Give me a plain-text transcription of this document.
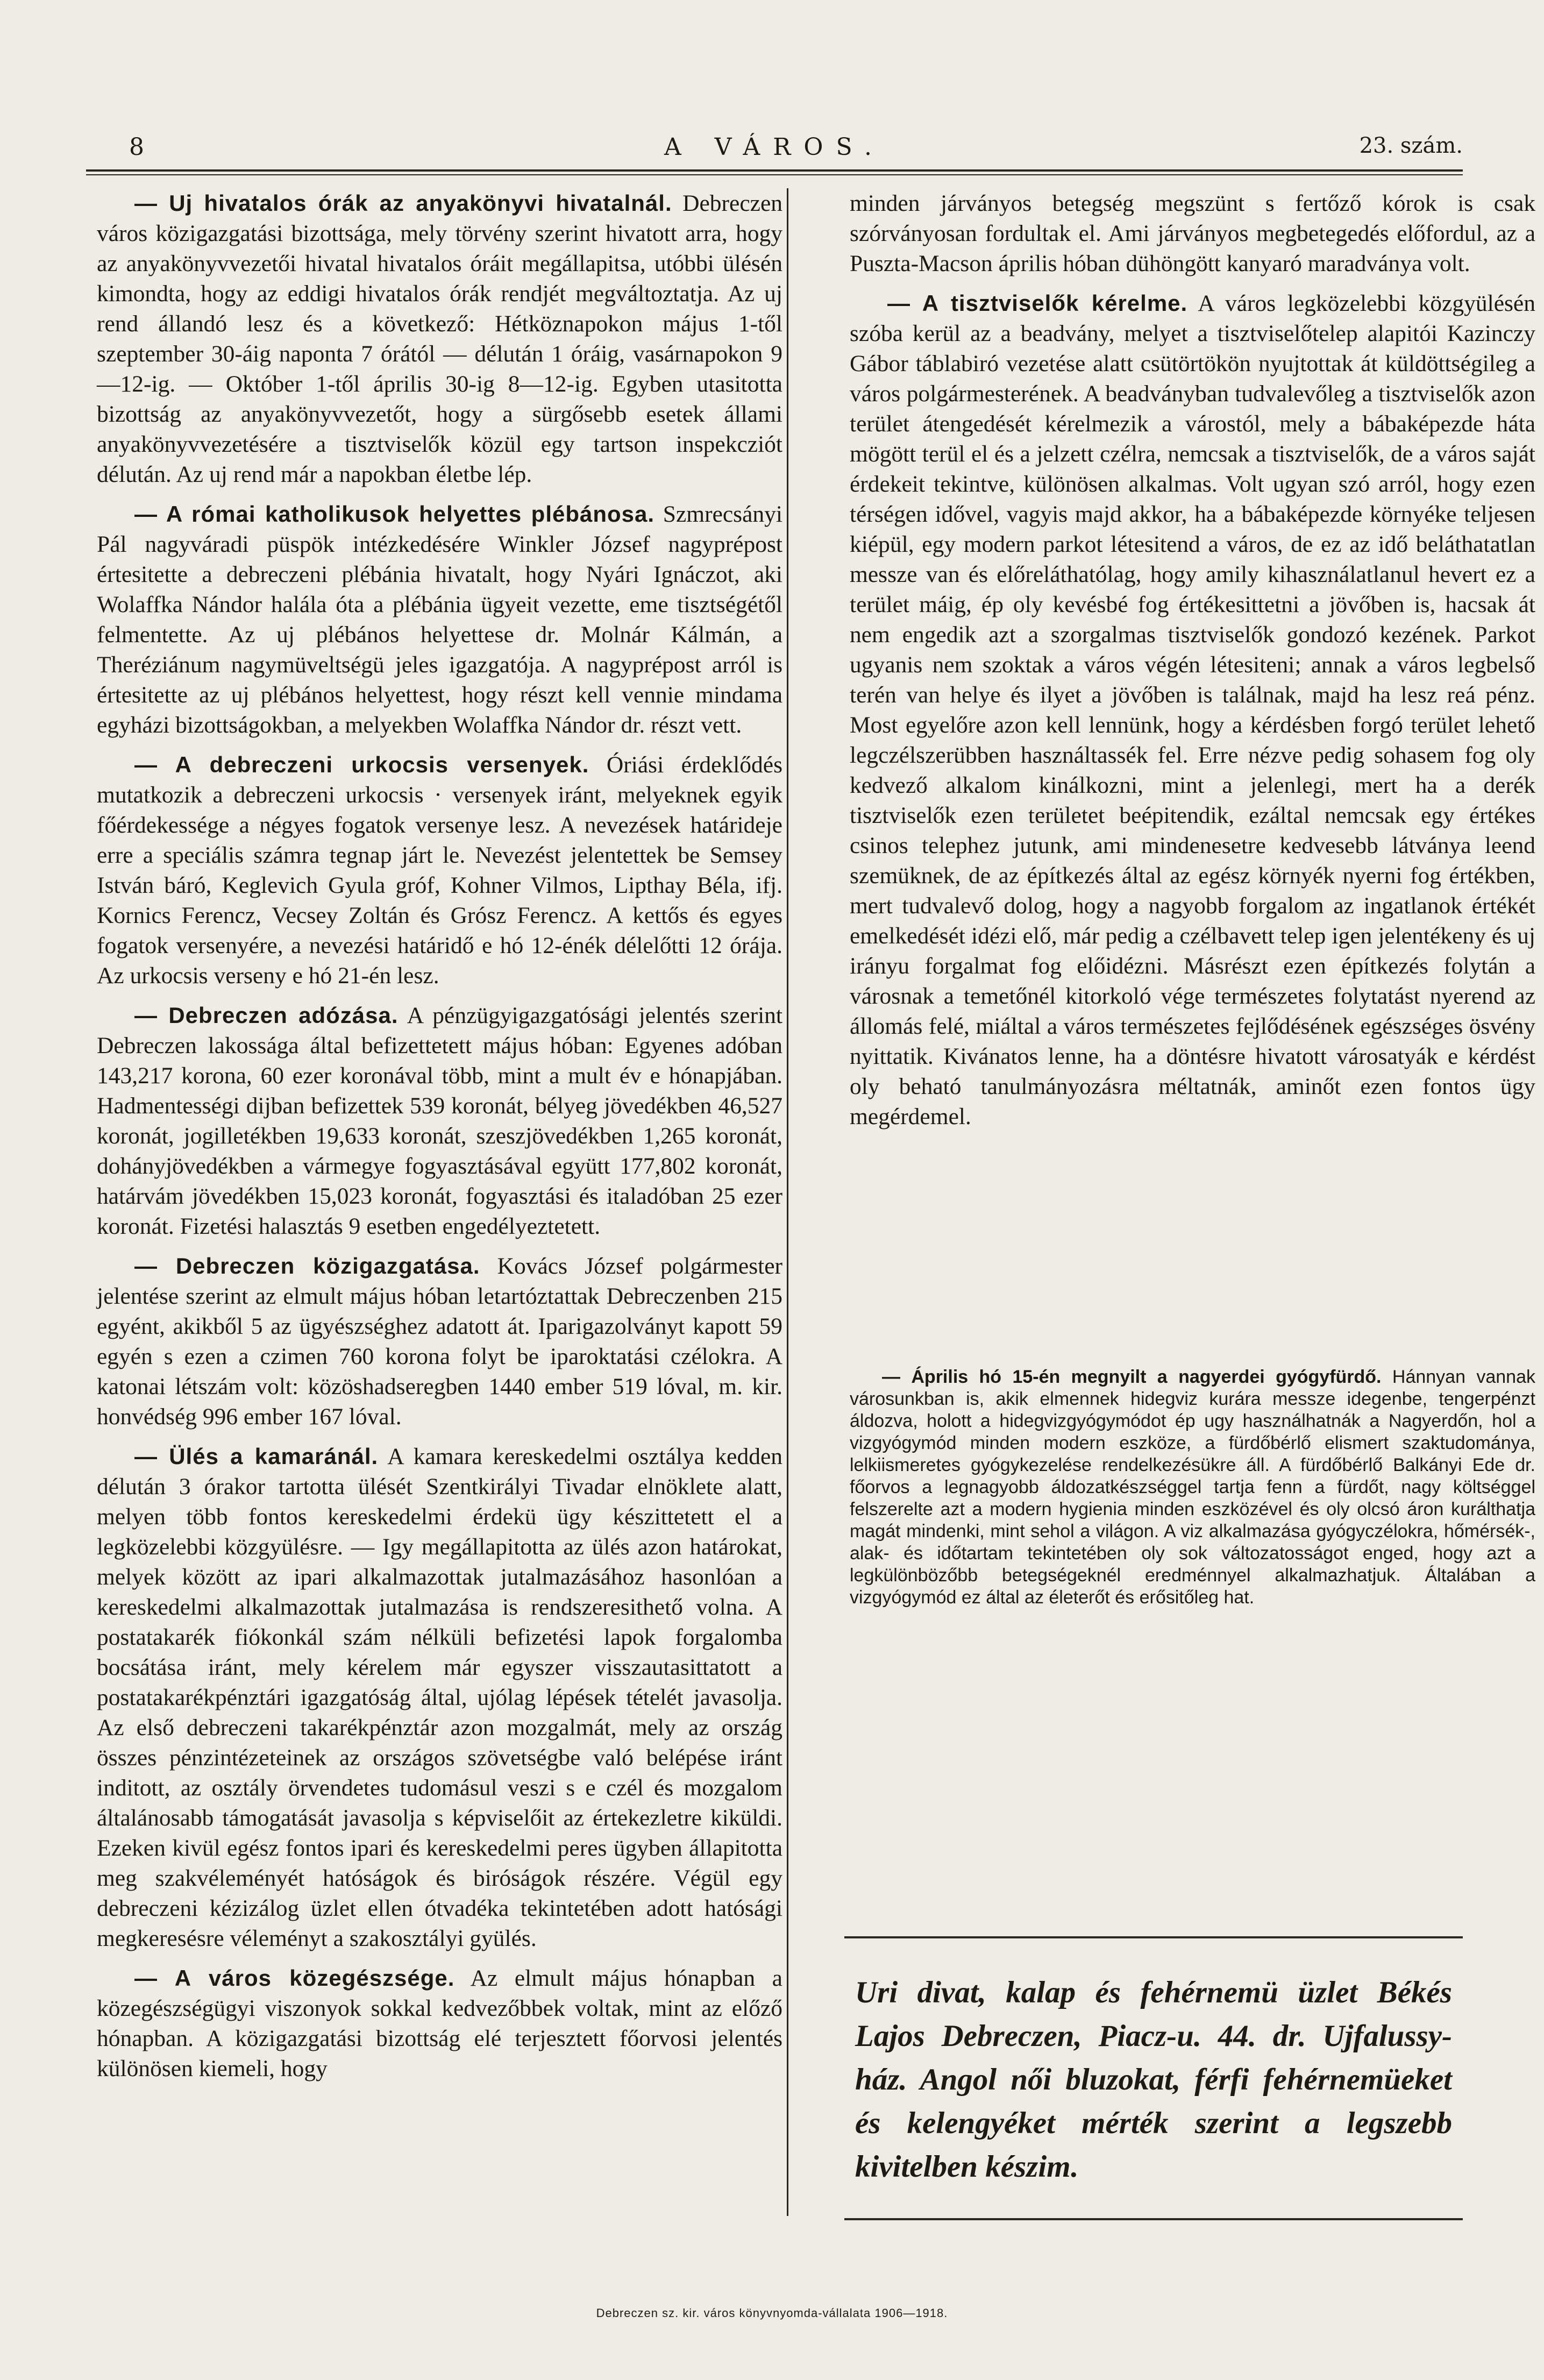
8	A VÁROS.	23. szám.

— Uj hivatalos órák az anyakönyvi hivatalnál. Debreczen város közigazgatási bizottsága, mely törvény szerint hivatott arra, hogy az anyakönyvvezetői hivatal hivatalos óráit megállapitsa, utóbbi ülésén kimondta, hogy az eddigi hivatalos órák rendjét megváltoztatja. Az uj rend állandó lesz és a következő: Hétköznapokon május 1-től szeptember 30-áig naponta 7 órától — délután 1 óráig, vasárnapokon 9—12-ig. — Október 1-től április 30-ig 8—12-ig. Egyben utasitotta bizottság az anyakönyvvezetőt, hogy a sürgősebb esetek állami anyakönyvvezetésére a tisztviselők közül egy tartson inspekcziót délután. Az uj rend már a napokban életbe lép.

— A római katholikusok helyettes plébánosa. Szmrecsányi Pál nagyváradi püspök intézkedésére Winkler József nagyprépost értesitette a debreczeni plébánia hivatalt, hogy Nyári Ignáczot, aki Wolaffka Nándor halála óta a plébánia ügyeit vezette, eme tisztségétől felmentette. Az uj plébános helyettese dr. Molnár Kálmán, a Theréziánum nagymüveltségü jeles igazgatója. A nagyprépost arról is értesitette az uj plébános helyettest, hogy részt kell vennie mindama egyházi bizottságokban, a melyekben Wolaffka Nándor dr. részt vett.

— A debreczeni urkocsis versenyek. Óriási érdeklődés mutatkozik a debreczeni urkocsis · versenyek iránt, melyeknek egyik főérdekessége a négyes fogatok versenye lesz. A nevezések határideje erre a speciális számra tegnap járt le. Nevezést jelentettek be Semsey István báró, Keglevich Gyula gróf, Kohner Vilmos, Lipthay Béla, ifj. Kornics Ferencz, Vecsey Zoltán és Grósz Ferencz. A kettős és egyes fogatok versenyére, a nevezési határidő e hó 12-énék délelőtti 12 órája. Az urkocsis verseny e hó 21-én lesz.

— Debreczen adózása. A pénzügyigazgatósági jelentés szerint Debreczen lakossága által befizettetett május hóban: Egyenes adóban 143,217 korona, 60 ezer koronával több, mint a mult év e hónapjában. Hadmentességi dijban befizettek 539 koronát, bélyeg jövedékben 46,527 koronát, jogilletékben 19,633 koronát, szeszjövedékben 1,265 koronát, dohányjövedékben a vármegye fogyasztásával együtt 177,802 koronát, határvám jövedékben 15,023 koronát, fogyasztási és italadóban 25 ezer koronát. Fizetési halasztás 9 esetben engedélyeztetett.

— Debreczen közigazgatása. Kovács József polgármester jelentése szerint az elmult május hóban letartóztattak Debreczenben 215 egyént, akikből 5 az ügyészséghez adatott át. Iparigazolványt kapott 59 egyén s ezen a czimen 760 korona folyt be iparoktatási czélokra. A katonai létszám volt: közöshadseregben 1440 ember 519 lóval, m. kir. honvédség 996 ember 167 lóval.

— Ülés a kamaránál. A kamara kereskedelmi osztálya kedden délután 3 órakor tartotta ülését Szentkirályi Tivadar elnöklete alatt, melyen több fontos kereskedelmi érdekü ügy készittetett el a legközelebbi közgyülésre. — Igy megállapitotta az ülés azon határokat, melyek között az ipari alkalmazottak jutalmazásához hasonlóan a kereskedelmi alkalmazottak jutalmazása is rendszeresithető volna. A postatakarék fiókonkál szám nélküli befizetési lapok forgalomba bocsátása iránt, mely kérelem már egyszer visszautasittatott a postatakarékpénztári igazgatóság által, ujólag lépések tételét javasolja. Az első debreczeni takarékpénztár azon mozgalmát, mely az ország összes pénzintézeteinek az országos szövetségbe való belépése iránt inditott, az osztály örvendetes tudomásul veszi s e czél és mozgalom általánosabb támogatását javasolja s képviselőit az értekezletre kiküldi. Ezeken kivül egész fontos ipari és kereskedelmi peres ügyben állapitotta meg szakvéleményét hatóságok és biróságok részére. Végül egy debreczeni kézizálog üzlet ellen ótvadéka tekintetében adott hatósági megkeresésre véleményt a szakosztályi gyülés.

— A város közegészsége. Az elmult május hónapban a közegészségügyi viszonyok sokkal kedvezőbbek voltak, mint az előző hónapban. A közigazgatási bizottság elé terjesztett főorvosi jelentés különösen kiemeli, hogy

minden járványos betegség megszünt s fertőző kórok is csak szórványosan fordultak el. Ami járványos megbetegedés előfordul, az a Puszta-Macson április hóban dühöngött kanyaró maradványa volt.

— A tisztviselők kérelme. A város legközelebbi közgyülésén szóba kerül az a beadvány, melyet a tisztviselőtelep alapitói Kazinczy Gábor táblabiró vezetése alatt csütörtökön nyujtottak át küldöttségileg a város polgármesterének. A beadványban tudvalevőleg a tisztviselők azon terület átengedését kérelmezik a várostól, mely a bábaképezde háta mögött terül el és a jelzett czélra, nemcsak a tisztviselők, de a város saját érdekeit tekintve, különösen alkalmas. Volt ugyan szó arról, hogy ezen térségen idővel, vagyis majd akkor, ha a bábaképezde környéke teljesen kiépül, egy modern parkot létesitend a város, de ez az idő beláthatatlan messze van és előreláthatólag, hogy amily kihasználatlanul hevert ez a terület máig, ép oly kevésbé fog értékesittetni a jövőben is, hacsak át nem engedik azt a szorgalmas tisztviselők gondozó kezének. Parkot ugyanis nem szoktak a város végén létesiteni; annak a város legbelső terén van helye és ilyet a jövőben is találnak, majd ha lesz reá pénz. Most egyelőre azon kell lennünk, hogy a kérdésben forgó terület lehető legczélszerübben használtassék fel. Erre nézve pedig sohasem fog oly kedvező alkalom kinálkozni, mint a jelenlegi, mert ha a derék tisztviselők ezen területet beépitendik, ezáltal nemcsak egy értékes csinos telephez jutunk, ami mindenesetre kedvesebb látványa leend szemüknek, de az építkezés által az egész környék nyerni fog értékben, mert tudvalevő dolog, hogy a nagyobb forgalom az ingatlanok értékét emelkedését idézi elő, már pedig a czélbavett telep igen jelentékeny és uj irányu forgalmat fog előidézni. Másrészt ezen építkezés folytán a városnak a temetőnél kitorkoló vége természetes folytatást nyerend az állomás felé, miáltal a város természetes fejlődésének egészséges ösvény nyittatik. Kivánatos lenne, ha a döntésre hivatott városatyák e kérdést oly beható tanulmányozásra méltatnák, aminőt ezen fontos ügy megérdemel.

— Április hó 15-én megnyilt a nagyerdei gyógyfürdő. Hánnyan vannak városunkban is, akik elmennek hidegviz kurára messze idegenbe, tengerpénzt áldozva, holott a hidegvizgyógymódot ép ugy használhatnák a Nagyerdőn, hol a vizgyógymód minden modern eszköze, a fürdőbérlő elismert szaktudománya, lelkiismeretes gyógykezelése rendelkezésükre áll. A fürdőbérlő Balkányi Ede dr. főorvos a legnagyobb áldozatkészséggel tartja fenn a fürdőt, nagy költséggel felszerelte azt a modern hygienia minden eszközével és oly olcsó áron kurálthatja magát mindenki, mint sehol a világon. A viz alkalmazása gyógyczélokra, hőmérsék-, alak- és időtartam tekintetében oly sok változatosságot enged, hogy azt a legkülönbözőbb betegségeknél eredménnyel alkalmazhatjuk. Általában a vizgyógymód ez által az életerőt és erősitőleg hat.

Uri divat, kalap és fehérnemü üzlet Békés Lajos Debreczen, Piacz-u. 44. dr. Ujfalussy-ház. Angol női bluzokat, férfi fehérnemüeket és kelengyéket mérték szerint a legszebb kivitelben késziт.
Debreczen sz. kir. város könyvnyomda-vállalata 1906—1918.
